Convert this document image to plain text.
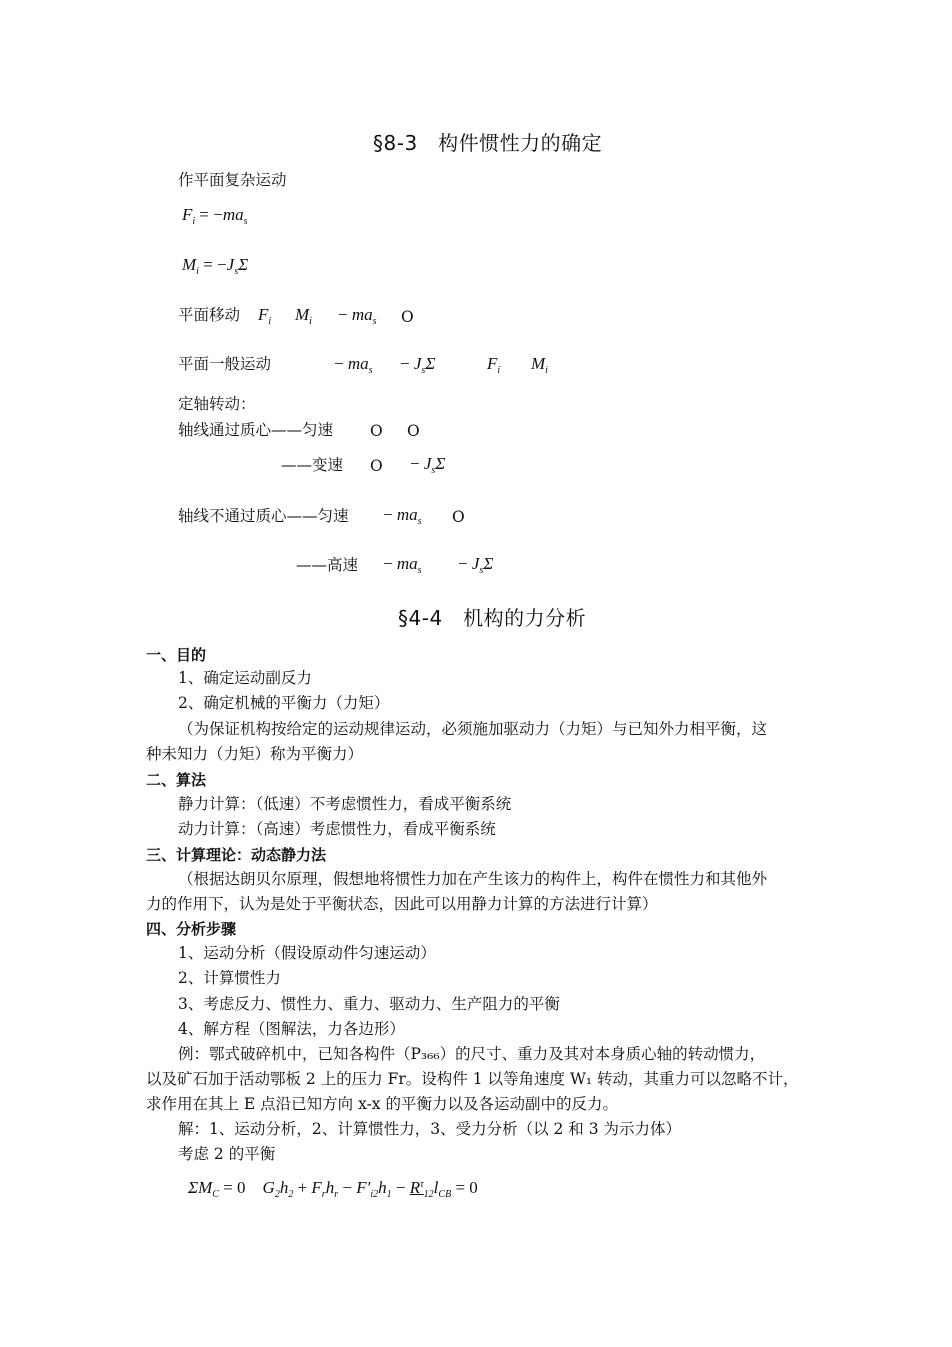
§8-3　构件惯性力的确定
作平面复杂运动
$F_i = -ma_s$
$M_i = -J_s\Sigma$
平面移动 $F_i$ $M_i - ma_s$ O
平面一般运动	− $ma_s - J_s\Sigma$	$F_i$ $M_i$
定轴转动：
轴线通过质心——匀速 O O
——变速 $O - J_s\Sigma$
轴线不通过质心——匀速 − $ma_s$ O
——高速 − $ma_s - J_s\Sigma$
§4-4　机构的力分析
一、目的
1、确定运动副反力
2、确定机械的平衡力（力矩）
（为保证机构按给定的运动规律运动，必须施加驱动力（力矩）与已知外力相平衡，这
种未知力（力矩）称为平衡力）
二、算法
静力计算：（低速）不考虑惯性力，看成平衡系统
动力计算：（高速）考虑惯性力，看成平衡系统
三、计算理论：动态静力法
（根据达朗贝尔原理，假想地将惯性力加在产生该力的构件上，构件在惯性力和其他外
力的作用下，认为是处于平衡状态，因此可以用静力计算的方法进行计算）
四、分析步骤
1、运动分析（假设原动件匀速运动）
2、计算惯性力
3、考虑反力、惯性力、重力、驱动力、生产阻力的平衡
4、解方程（图解法，力各边形）
例：鄂式破碎机中，已知各构件（P₃₆₆）的尺寸、重力及其对本身质心轴的转动惯力，
以及矿石加于活动鄂板 2 上的压力 Fr。设构件 1 以等角速度 W₁ 转动，其重力可以忽略不计，
求作用在其上 E 点沿已知方向 x-x 的平衡力以及各运动副中的反力。
解：1、运动分析，2、计算惯性力，3、受力分析（以 2 和 3 为示力体）
考虑 2 的平衡
$\Sigma M_C = 0$    $G_2h_2 + F_rh_r - F'_{i2}h_1 - R^\tau_{12}l_{CB} = 0$
